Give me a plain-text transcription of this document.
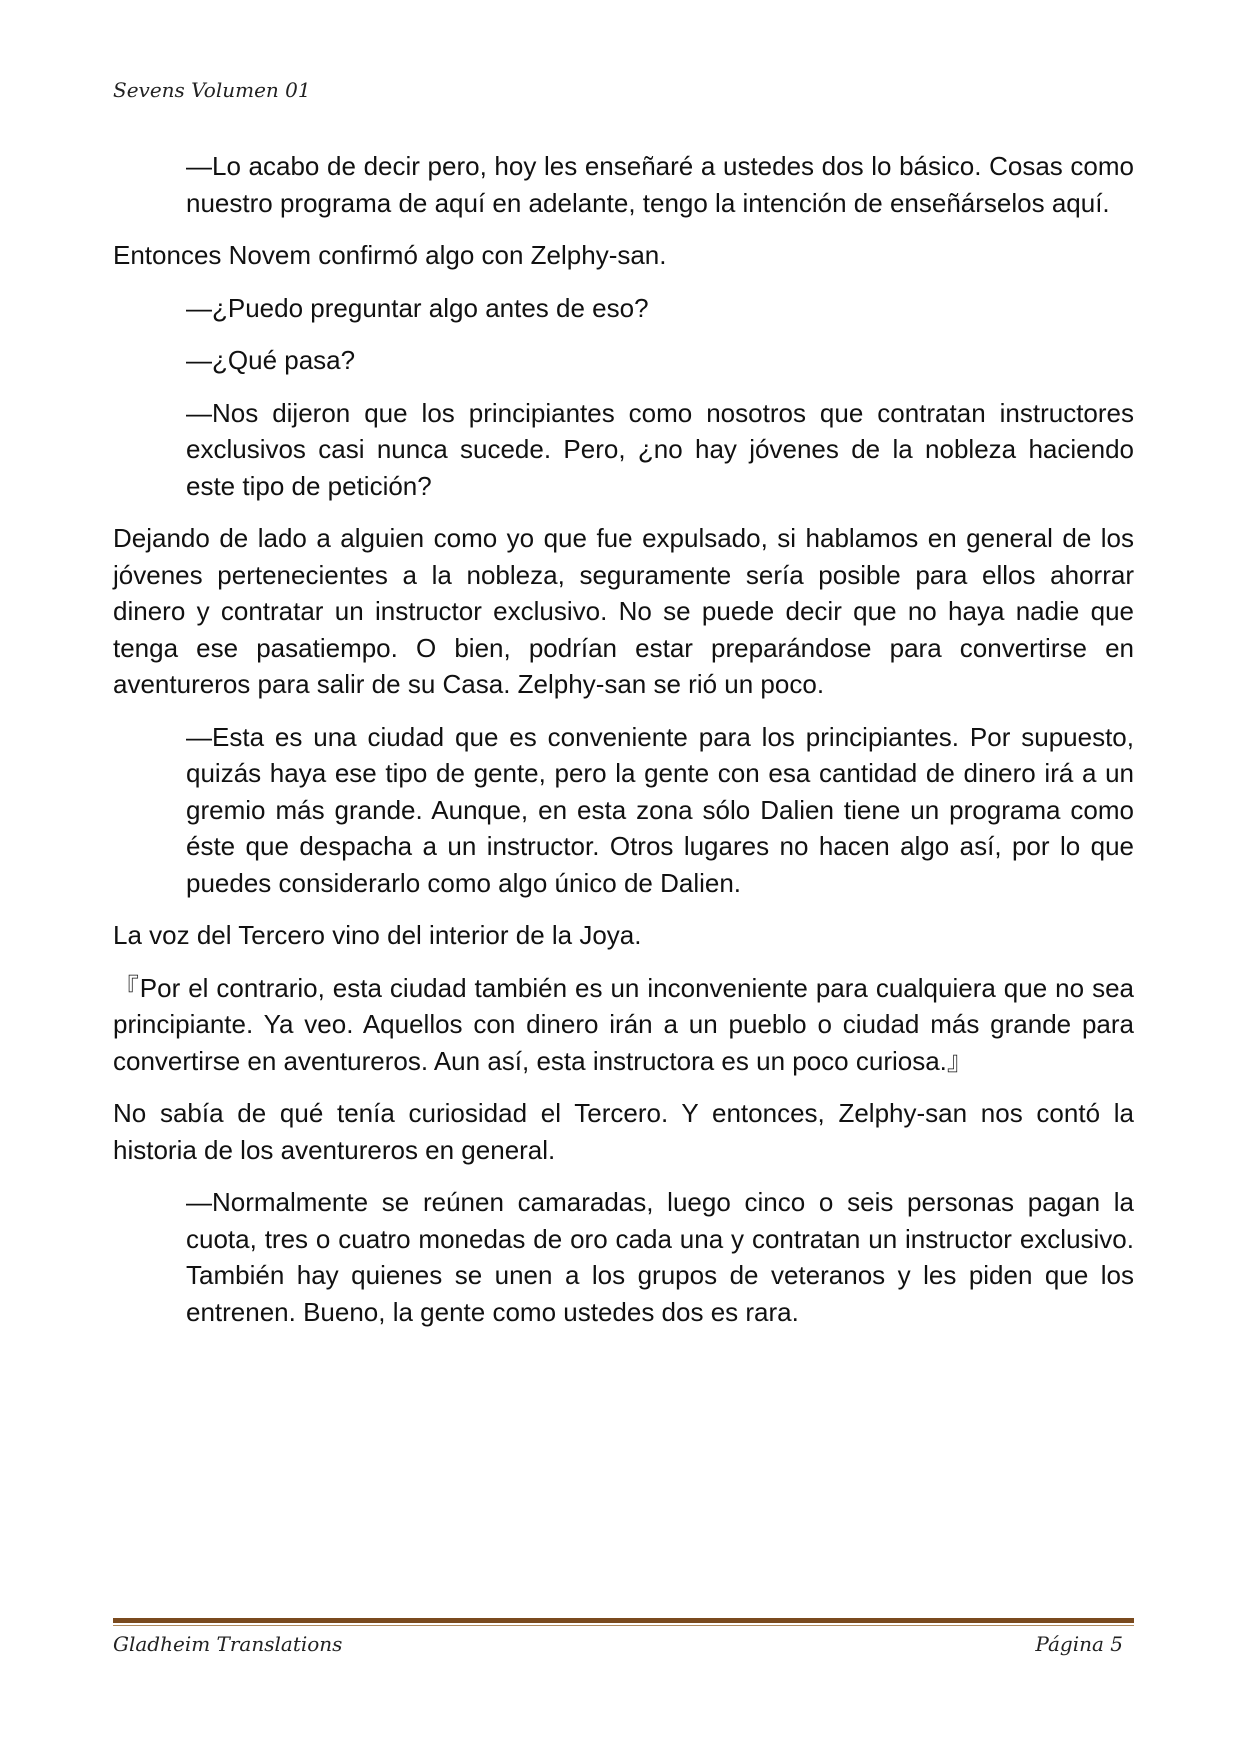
Sevens Volumen 01

—Lo acabo de decir pero, hoy les enseñaré a ustedes dos lo básico. Cosas como nuestro programa de aquí en adelante, tengo la intención de enseñárselos aquí.

Entonces Novem confirmó algo con Zelphy-san.

—¿Puedo preguntar algo antes de eso?

—¿Qué pasa?

—Nos dijeron que los principiantes como nosotros que contratan instructores exclusivos casi nunca sucede. Pero, ¿no hay jóvenes de la nobleza haciendo este tipo de petición?

Dejando de lado a alguien como yo que fue expulsado, si hablamos en general de los jóvenes pertenecientes a la nobleza, seguramente sería posible para ellos ahorrar dinero y contratar un instructor exclusivo. No se puede decir que no haya nadie que tenga ese pasatiempo. O bien, podrían estar preparándose para convertirse en aventureros para salir de su Casa. Zelphy-san se rió un poco.

—Esta es una ciudad que es conveniente para los principiantes. Por supuesto, quizás haya ese tipo de gente, pero la gente con esa cantidad de dinero irá a un gremio más grande. Aunque, en esta zona sólo Dalien tiene un programa como éste que despacha a un instructor. Otros lugares no hacen algo así, por lo que puedes considerarlo como algo único de Dalien.

La voz del Tercero vino del interior de la Joya.

『Por el contrario, esta ciudad también es un inconveniente para cualquiera que no sea principiante. Ya veo. Aquellos con dinero irán a un pueblo o ciudad más grande para convertirse en aventureros. Aun así, esta instructora es un poco curiosa.』

No sabía de qué tenía curiosidad el Tercero. Y entonces, Zelphy-san nos contó la historia de los aventureros en general.

—Normalmente se reúnen camaradas, luego cinco o seis personas pagan la cuota, tres o cuatro monedas de oro cada una y contratan un instructor exclusivo. También hay quienes se unen a los grupos de veteranos y les piden que los entrenen. Bueno, la gente como ustedes dos es rara.

Gladheim Translations	Página 5
